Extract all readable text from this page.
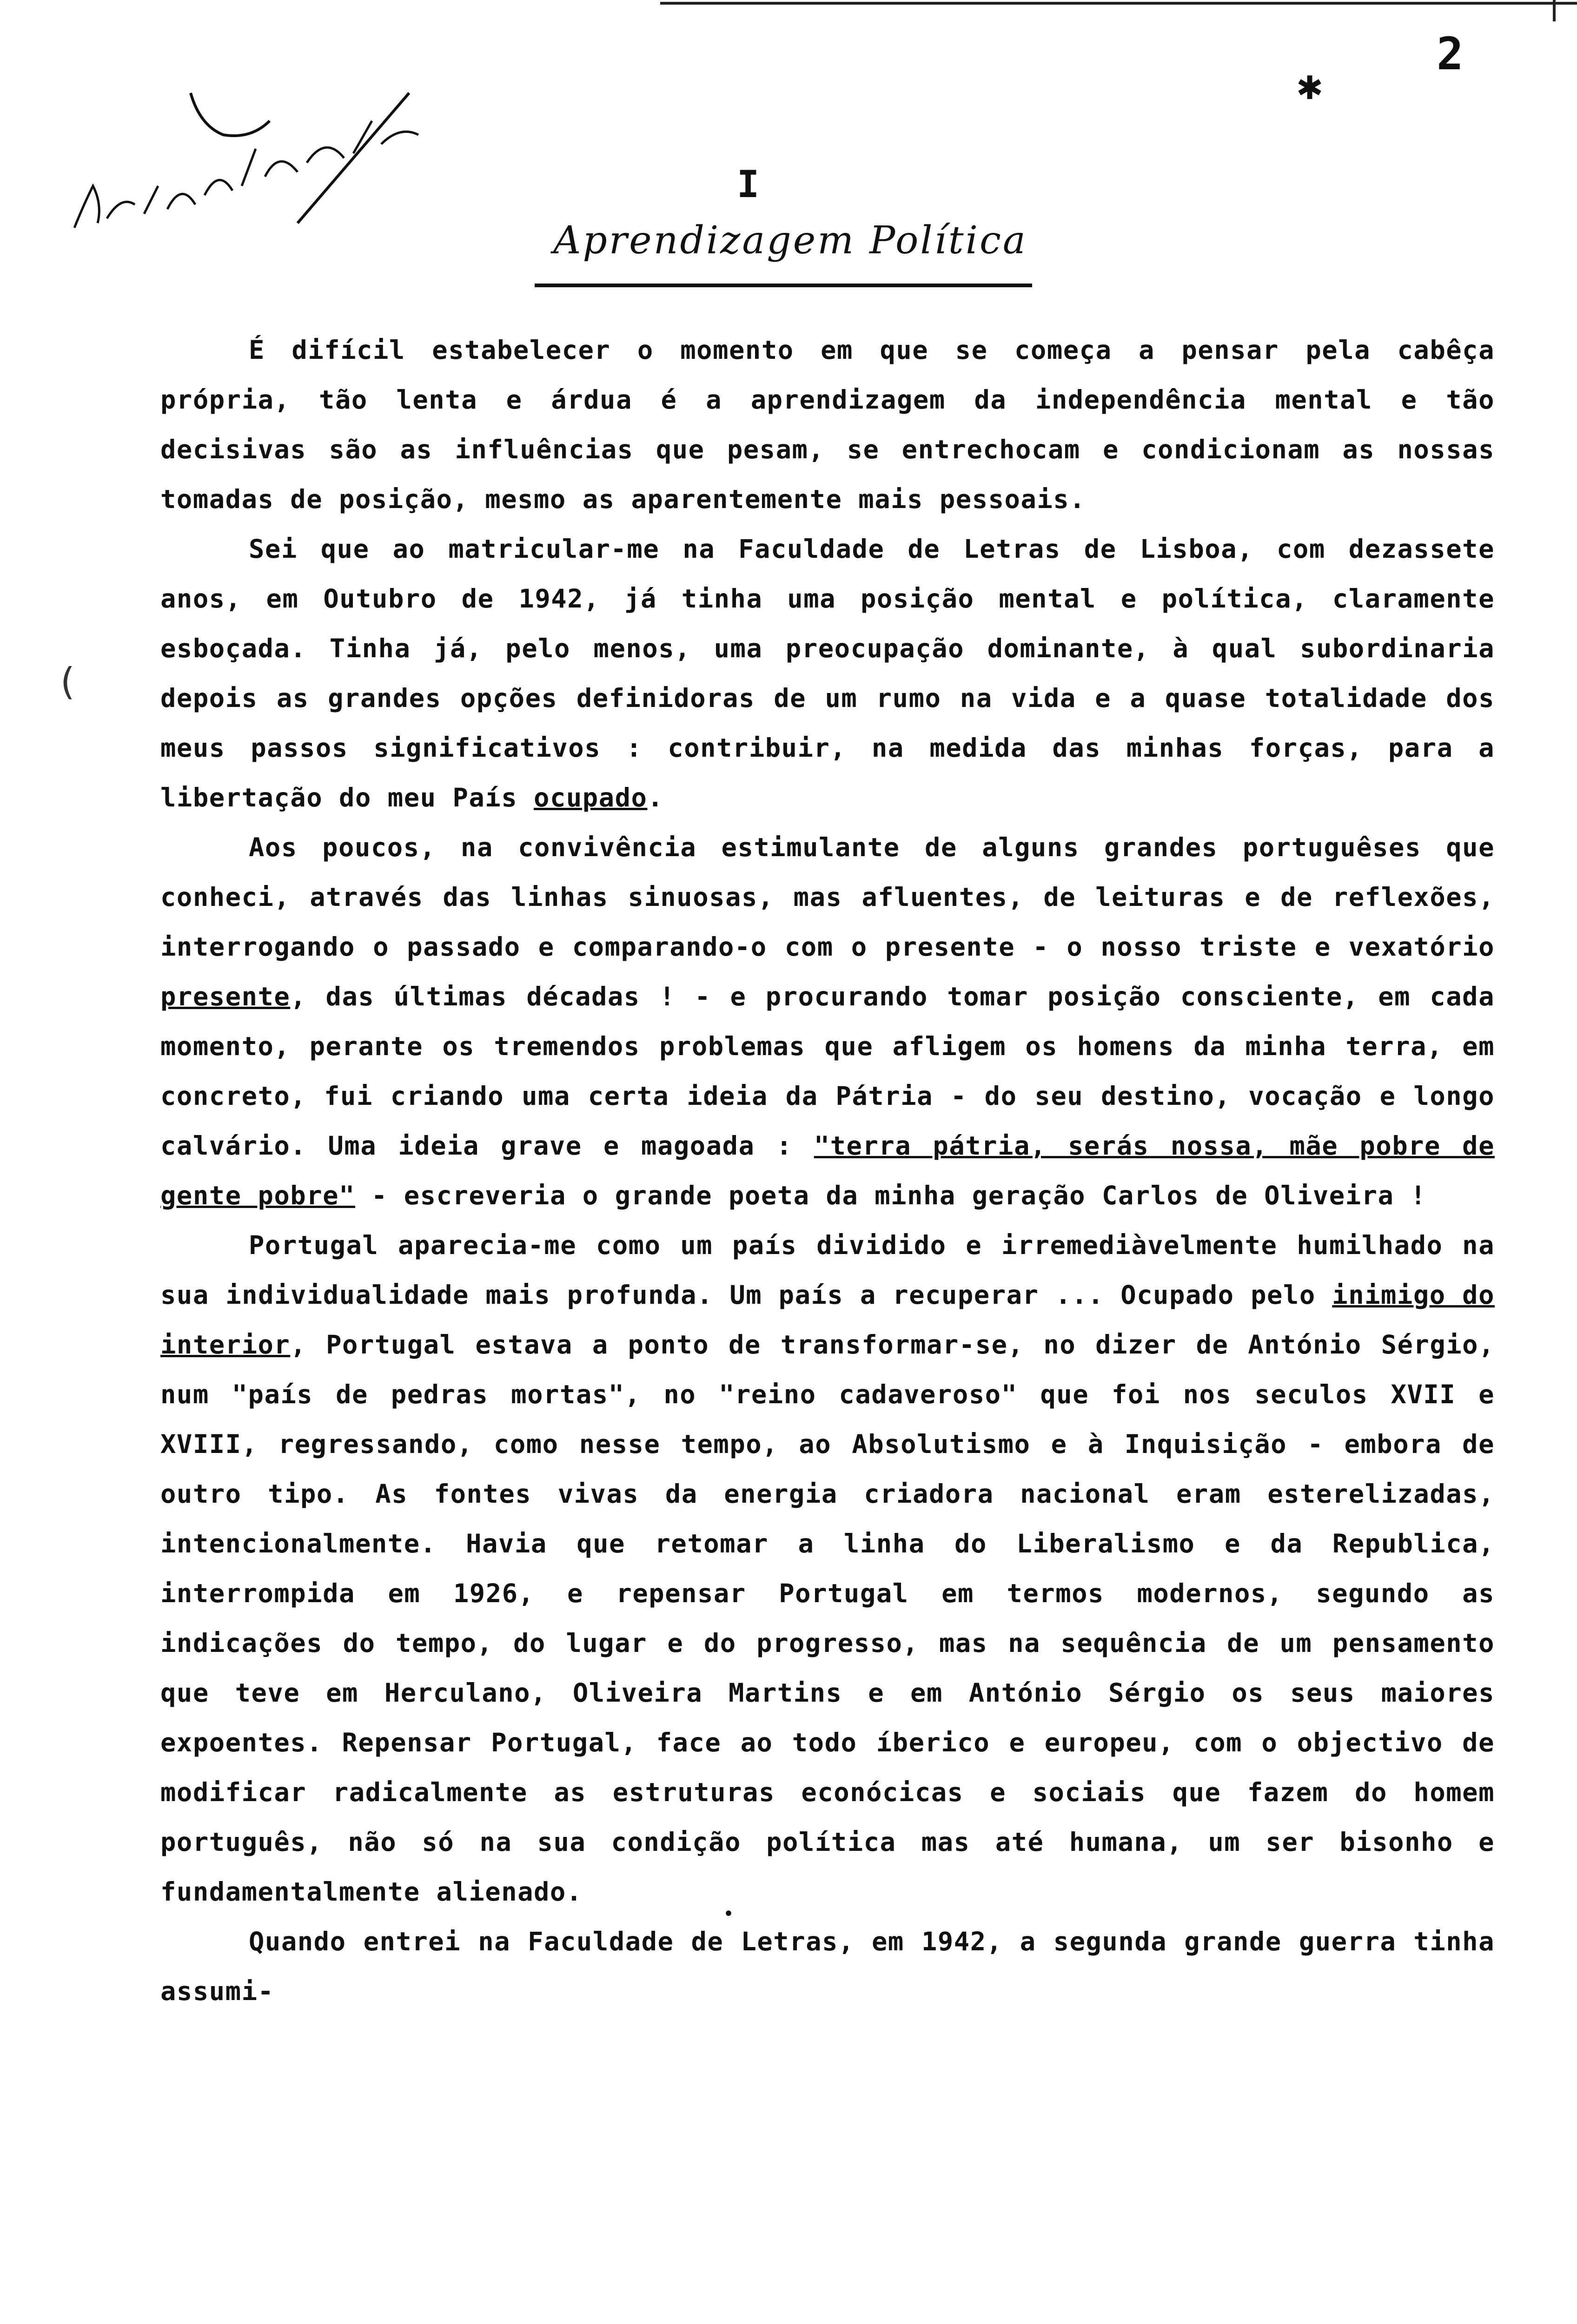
2
✱
(
I
Aprendizagem Política

É difícil estabelecer o momento em que se começa a pensar pela cabêça própria, tão lenta e árdua é a aprendizagem da independência mental e tão decisivas são as influências que pesam, se entrechocam e condicionam as nossas tomadas de posição, mesmo as aparentemente mais pessoais.

Sei que ao matricular-me na Faculdade de Letras de Lisboa, com dezassete anos, em Outubro de 1942, já tinha uma posição mental e política, claramente esboçada. Tinha já, pelo menos, uma preocupação dominante, à qual subordinaria depois as grandes opções definidoras de um rumo na vida e a quase totalidade dos meus passos significativos : contribuir, na medida das minhas forças, para a libertação do meu País ocupado.

Aos poucos, na convivência estimulante de alguns grandes portuguêses que conheci, através das linhas sinuosas, mas afluentes, de leituras e de reflexões, interrogando o passado e comparando-o com o presente - o nosso triste e vexatório presente, das últimas décadas ! - e procurando tomar posição consciente, em cada momento, perante os tremendos problemas que afligem os homens da minha terra, em concreto, fui criando uma certa ideia da Pátria - do seu destino, vocação e longo calvário. Uma ideia grave e magoada : "terra pátria, serás nossa, mãe pobre de gente pobre" - escreveria o grande poeta da minha geração Carlos de Oliveira !

Portugal aparecia-me como um país dividido e irremediàvelmente humilhado na sua individualidade mais profunda. Um país a recuperar ... Ocupado pelo inimigo do interior, Portugal estava a ponto de transformar-se, no dizer de António Sérgio, num "país de pedras mortas", no "reino cadaveroso" que foi nos seculos XVII e XVIII, regressando, como nesse tempo, ao Absolutismo e à Inquisição - embora de outro tipo. As fontes vivas da energia criadora nacional eram esterelizadas, intencionalmente. Havia que retomar a linha do Liberalismo e da Republica, interrompida em 1926, e repensar Portugal em termos modernos, segundo as indicações do tempo, do lugar e do progresso, mas na sequência de um pensamento que teve em Herculano, Oliveira Martins e em António Sérgio os seus maiores expoentes. Repensar Portugal, face ao todo íberico e europeu, com o objectivo de modificar radicalmente as estruturas econócicas e sociais que fazem do homem português, não só na sua condição política mas até humana, um ser bisonho e fundamentalmente alienado.

Quando entrei na Faculdade de Letras, em 1942, a segunda grande guerra tinha assumi-

•
